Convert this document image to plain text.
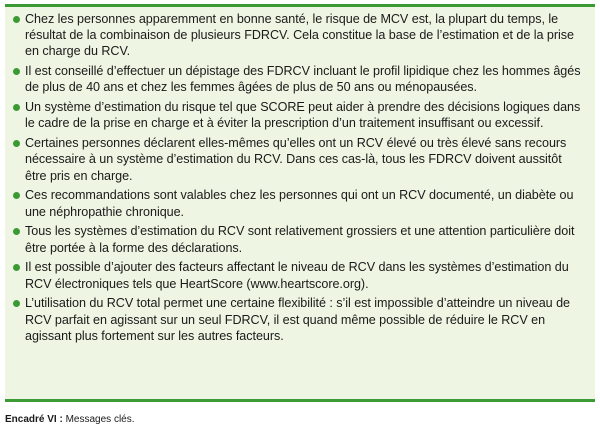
Chez les personnes apparemment en bonne santé, le risque de MCV est, la plupart du temps, le résultat de la combinaison de plusieurs FDRCV. Cela constitue la base de l’estimation et de la prise en charge du RCV.
Il est conseillé d’effectuer un dépistage des FDRCV incluant le profil lipidique chez les hommes âgés de plus de 40 ans et chez les femmes âgées de plus de 50 ans ou ménopausées.
Un système d’estimation du risque tel que SCORE peut aider à prendre des décisions logiques dans le cadre de la prise en charge et à éviter la prescription d’un traitement insuffisant ou excessif.
Certaines personnes déclarent elles-mêmes qu’elles ont un RCV élevé ou très élevé sans recours nécessaire à un système d’estimation du RCV. Dans ces cas-là, tous les FDRCV doivent aussitôt être pris en charge.
Ces recommandations sont valables chez les personnes qui ont un RCV documenté, un diabète ou une néphropathie chronique.
Tous les systèmes d’estimation du RCV sont relativement grossiers et une attention particulière doit être portée à la forme des déclarations.
Il est possible d’ajouter des facteurs affectant le niveau de RCV dans les systèmes d’estimation du RCV électroniques tels que HeartScore (www.heartscore.org).
L’utilisation du RCV total permet une certaine flexibilité : s’il est impossible d’atteindre un niveau de RCV parfait en agissant sur un seul FDRCV, il est quand même possible de réduire le RCV en agissant plus fortement sur les autres facteurs.
Encadré VI : Messages clés.
